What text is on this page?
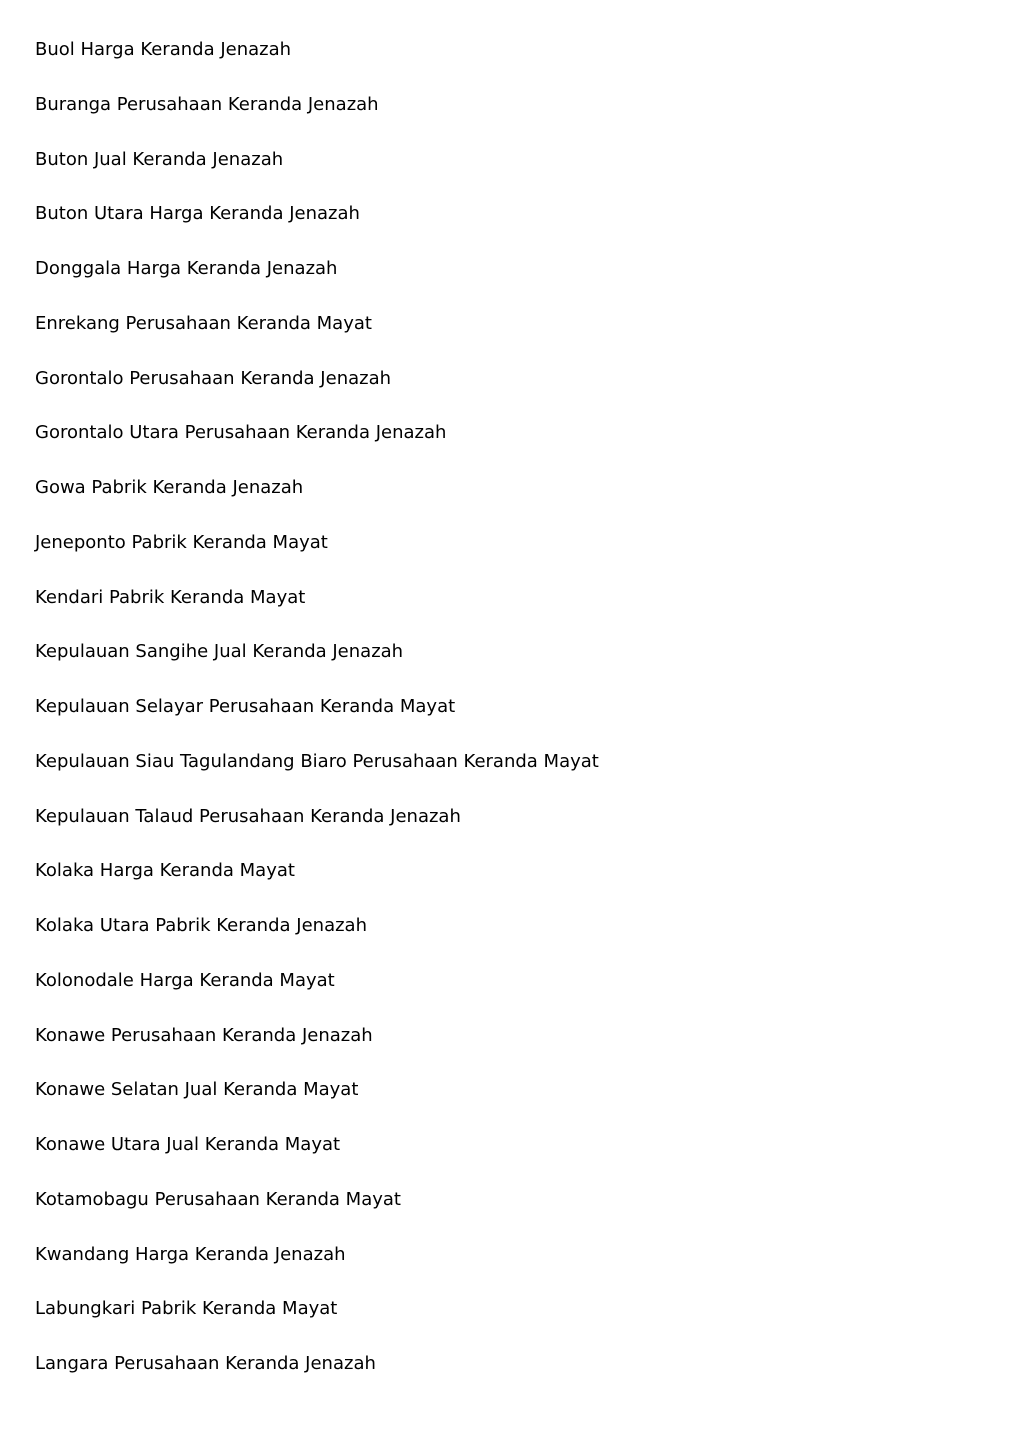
Buol Harga Keranda Jenazah
Buranga Perusahaan Keranda Jenazah
Buton Jual Keranda Jenazah
Buton Utara Harga Keranda Jenazah
Donggala Harga Keranda Jenazah
Enrekang Perusahaan Keranda Mayat
Gorontalo Perusahaan Keranda Jenazah
Gorontalo Utara Perusahaan Keranda Jenazah
Gowa Pabrik Keranda Jenazah
Jeneponto Pabrik Keranda Mayat
Kendari Pabrik Keranda Mayat
Kepulauan Sangihe Jual Keranda Jenazah
Kepulauan Selayar Perusahaan Keranda Mayat
Kepulauan Siau Tagulandang Biaro Perusahaan Keranda Mayat
Kepulauan Talaud Perusahaan Keranda Jenazah
Kolaka Harga Keranda Mayat
Kolaka Utara Pabrik Keranda Jenazah
Kolonodale Harga Keranda Mayat
Konawe Perusahaan Keranda Jenazah
Konawe Selatan Jual Keranda Mayat
Konawe Utara Jual Keranda Mayat
Kotamobagu Perusahaan Keranda Mayat
Kwandang Harga Keranda Jenazah
Labungkari Pabrik Keranda Mayat
Langara Perusahaan Keranda Jenazah
